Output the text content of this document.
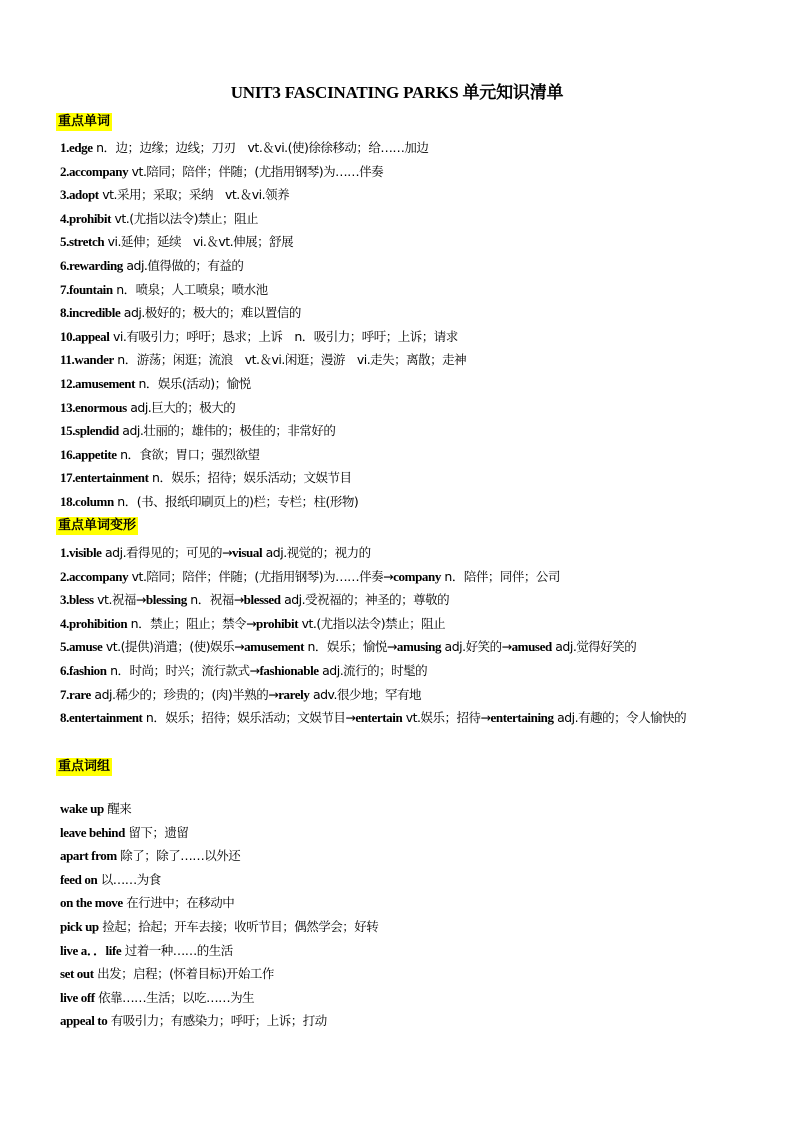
UNIT3 FASCINATING PARKS 单元知识清单
重点单词
1.edge n．边；边缘；边线；刀刃　vt.＆vi.(使)徐徐移动；给……加边
2.accompany vt.陪同；陪伴；伴随；(尤指用钢琴)为……伴奏
3.adopt vt.采用；采取；采纳　vt.＆vi.领养
4.prohibit vt.(尤指以法令)禁止；阻止
5.stretch vi.延伸；延续　vi.＆vt.伸展；舒展
6.rewarding adj.值得做的；有益的
7.fountain n．喷泉；人工喷泉；喷水池
8.incredible adj.极好的；极大的；难以置信的
10.appeal vi.有吸引力；呼吁；恳求；上诉　n．吸引力；呼吁；上诉；请求
11.wander n．游荡；闲逛；流浪　vt.＆vi.闲逛；漫游　vi.走失；离散；走神
12.amusement n．娱乐(活动)；愉悦
13.enormous adj.巨大的；极大的
15.splendid adj.壮丽的；雄伟的；极佳的；非常好的
16.appetite n．食欲；胃口；强烈欲望
17.entertainment n．娱乐；招待；娱乐活动；文娱节目
18.column n．(书、报纸印刷页上的)栏；专栏；柱(形物)
重点单词变形
1.visible adj.看得见的；可见的→visual adj.视觉的；视力的
2.accompany vt.陪同；陪伴；伴随；(尤指用钢琴)为……伴奏→company n．陪伴；同伴；公司
3.bless vt.祝福→blessing n．祝福→blessed adj.受祝福的；神圣的；尊敬的
4.prohibition n．禁止；阻止；禁令→prohibit vt.(尤指以法令)禁止；阻止
5.amuse vt.(提供)消遣；(使)娱乐→amusement n．娱乐；愉悦→amusing adj.好笑的→amused adj.觉得好笑的
6.fashion n．时尚；时兴；流行款式→fashionable adj.流行的；时髦的
7.rare adj.稀少的；珍贵的；(肉)半熟的→rarely adv.很少地；罕有地
8.entertainment n．娱乐；招待；娱乐活动；文娱节目→entertain vt.娱乐；招待→entertaining adj.有趣的；令人愉快的
重点词组
wake up 醒来
leave behind 留下；遗留
apart from 除了；除了……以外还
feed on 以……为食
on the move 在行进中；在移动中
pick up 捡起；拾起；开车去接；收听节目；偶然学会；好转
live a．．life 过着一种……的生活
set out 出发；启程；(怀着目标)开始工作
live off 依靠……生活；以吃……为生
appeal to 有吸引力；有感染力；呼吁；上诉；打动
